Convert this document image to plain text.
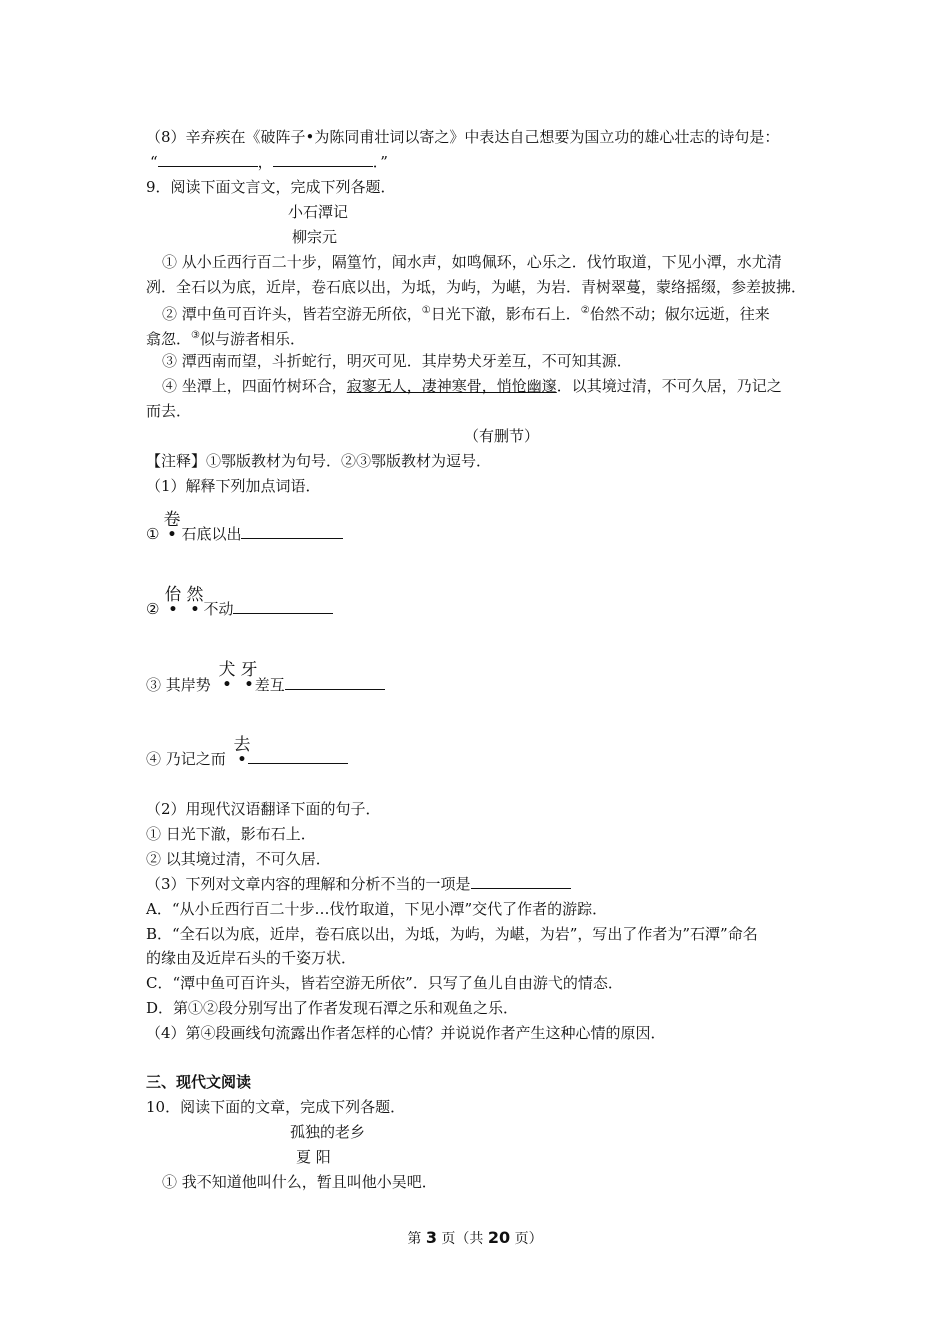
（8）辛弃疾在《破阵子•为陈同甫壮词以寄之》中表达自己想要为国立功的雄心壮志的诗句是：
“	，	．”
9．阅读下面文言文，完成下列各题．
小石潭记
柳宗元
① 从小丘西行百二十步，隔篁竹，闻水声，如鸣佩环，心乐之．伐竹取道，下见小潭，水尤清
冽．全石以为底，近岸，卷石底以出，为坻，为屿，为嵁，为岩．青树翠蔓，蒙络摇缀，参差披拂．
② 潭中鱼可百许头，皆若空游无所依，①日光下澈，影布石上．②佁然不动；俶尔远逝，往来
翕忽．③似与游者相乐．
③ 潭西南而望，斗折蛇行，明灭可见．其岸势犬牙差互，不可知其源．
④ 坐潭上，四面竹树环合，寂寥无人，凄神寒骨，悄怆幽邃．以其境过清，不可久居，乃记之
而去．
（有删节）
【注释】①鄂版教材为句号．②③鄂版教材为逗号．
（1）解释下列加点词语．
① 石底以出
卷
•
②	不动
佁 然
• •
③ 其岸势	差互
犬 牙
• •
④ 乃记之而
去
•
（2）用现代汉语翻译下面的句子．
① 日光下澈，影布石上．
② 以其境过清，不可久居．
（3）下列对文章内容的理解和分析不当的一项是
A．“从小丘西行百二十步…伐竹取道，下见小潭”交代了作者的游踪．
B．“全石以为底，近岸，卷石底以出，为坻，为屿，为嵁，为岩”，写出了作者为”石潭”命名
的缘由及近岸石头的千姿万状．
C．“潭中鱼可百许头，皆若空游无所依”．只写了鱼儿自由游弋的情态．
D．第①②段分别写出了作者发现石潭之乐和观鱼之乐．
（4）第④段画线句流露出作者怎样的心情？并说说作者产生这种心情的原因．
三、现代文阅读
10．阅读下面的文章，完成下列各题．
孤独的老乡
夏 阳
① 我不知道他叫什么，暂且叫他小吴吧．
第 3 页（共 20 页）
